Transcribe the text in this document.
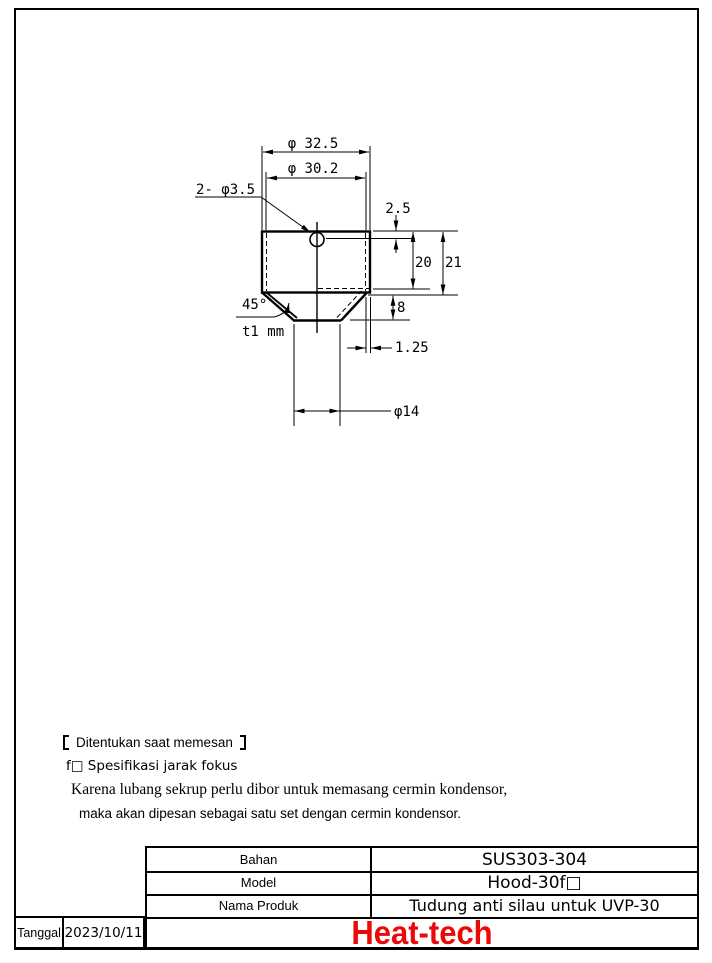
φ 32.5
φ 30.2
2- φ3.5
2.5
20 21
8
1.25
φ14
45°
t1 mm
Ditentukan saat memesan
f□ Spesifikasi jarak fokus
Karena lubang sekrup perlu dibor untuk memasang cermin kondensor,
maka akan dipesan sebagai satu set dengan cermin kondensor.
Bahan	SUS303-304
Model	Hood-30f□
Nama Produk	Tudung anti silau untuk UVP-30
Heat-tech
Tanggal 2023/10/11
